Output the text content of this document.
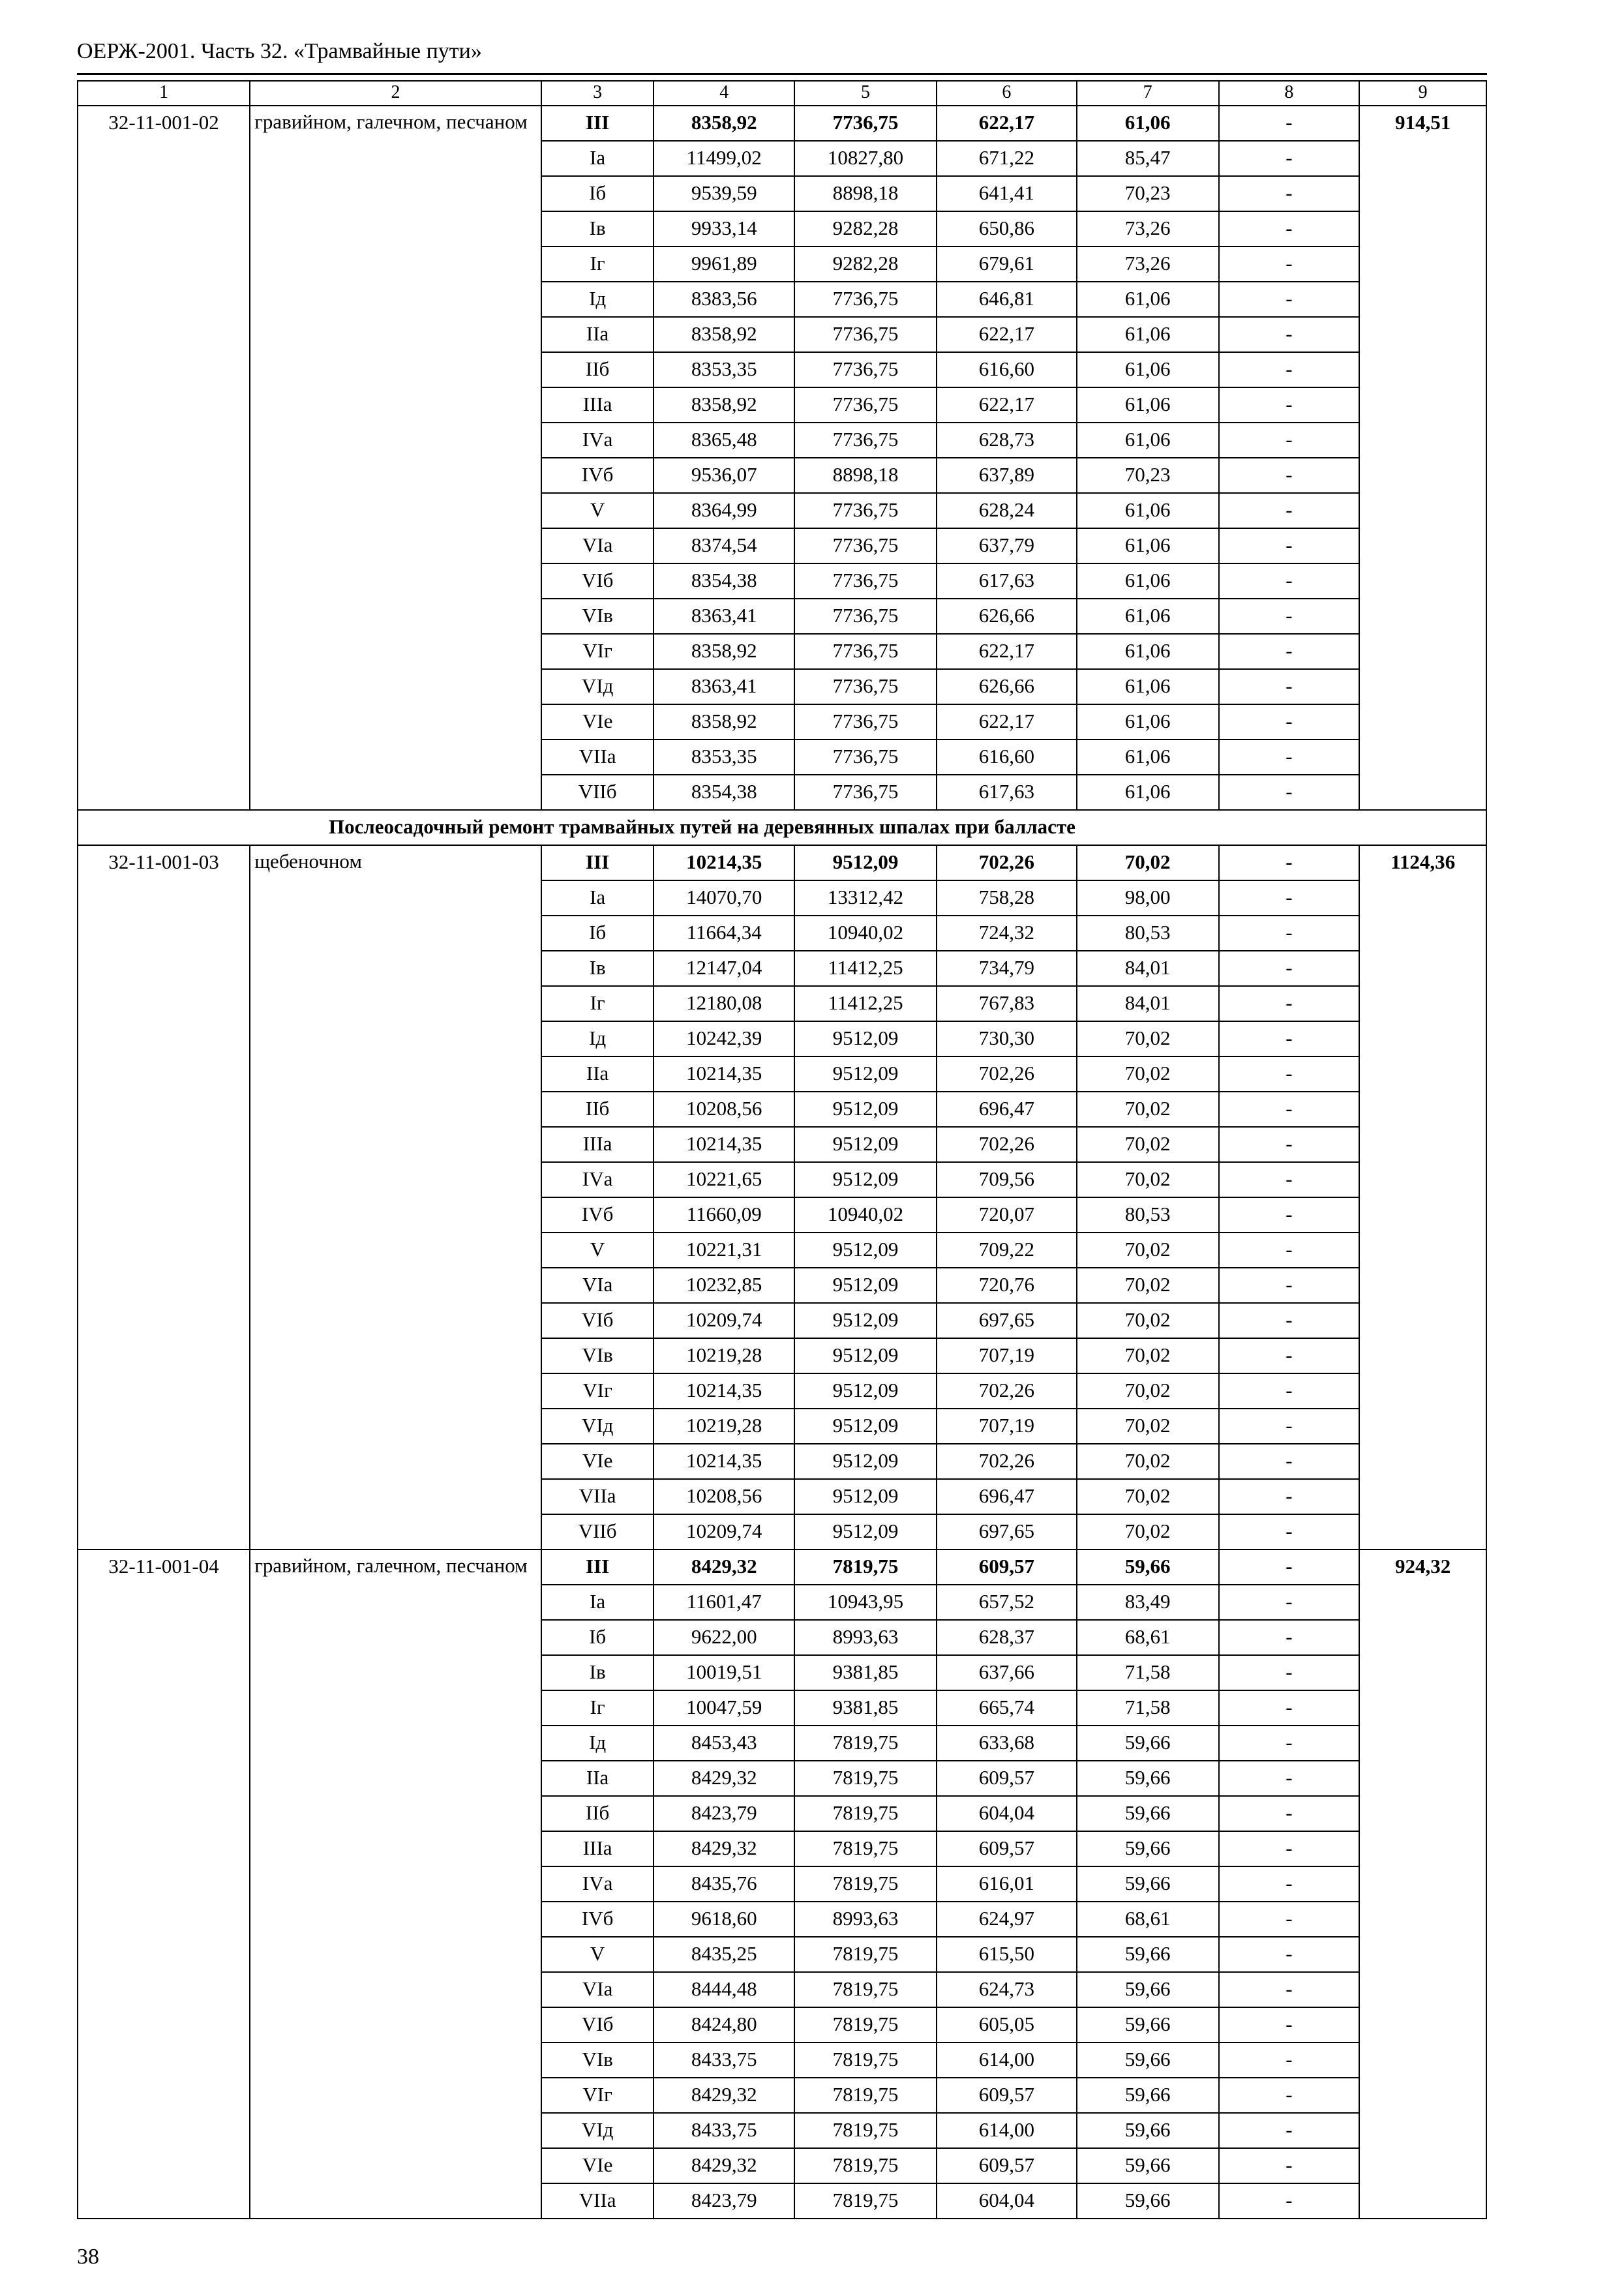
ОЕРЖ-2001. Часть 32. «Трамвайные пути»
1	2	3	4	5	6	7	8	9
32-11-001-02	гравийном, галечном, песчаном	III	8358,92	7736,75	622,17	61,06	-	914,51
		Iа	11499,02	10827,80	671,22	85,47	-	
		Iб	9539,59	8898,18	641,41	70,23	-	
		Iв	9933,14	9282,28	650,86	73,26	-	
		Iг	9961,89	9282,28	679,61	73,26	-	
		Iд	8383,56	7736,75	646,81	61,06	-	
		IIа	8358,92	7736,75	622,17	61,06	-	
		IIб	8353,35	7736,75	616,60	61,06	-	
		IIIа	8358,92	7736,75	622,17	61,06	-	
		IVа	8365,48	7736,75	628,73	61,06	-	
		IVб	9536,07	8898,18	637,89	70,23	-	
		V	8364,99	7736,75	628,24	61,06	-	
		VIа	8374,54	7736,75	637,79	61,06	-	
		VIб	8354,38	7736,75	617,63	61,06	-	
		VIв	8363,41	7736,75	626,66	61,06	-	
		VIг	8358,92	7736,75	622,17	61,06	-	
		VIд	8363,41	7736,75	626,66	61,06	-	
		VIе	8358,92	7736,75	622,17	61,06	-	
		VIIа	8353,35	7736,75	616,60	61,06	-	
		VIIб	8354,38	7736,75	617,63	61,06	-	
Послеосадочный ремонт трамвайных путей на деревянных шпалах при балласте								
32-11-001-03	щебеночном	III	10214,35	9512,09	702,26	70,02	-	1124,36
		Iа	14070,70	13312,42	758,28	98,00	-	
		Iб	11664,34	10940,02	724,32	80,53	-	
		Iв	12147,04	11412,25	734,79	84,01	-	
		Iг	12180,08	11412,25	767,83	84,01	-	
		Iд	10242,39	9512,09	730,30	70,02	-	
		IIа	10214,35	9512,09	702,26	70,02	-	
		IIб	10208,56	9512,09	696,47	70,02	-	
		IIIа	10214,35	9512,09	702,26	70,02	-	
		IVа	10221,65	9512,09	709,56	70,02	-	
		IVб	11660,09	10940,02	720,07	80,53	-	
		V	10221,31	9512,09	709,22	70,02	-	
		VIа	10232,85	9512,09	720,76	70,02	-	
		VIб	10209,74	9512,09	697,65	70,02	-	
		VIв	10219,28	9512,09	707,19	70,02	-	
		VIг	10214,35	9512,09	702,26	70,02	-	
		VIд	10219,28	9512,09	707,19	70,02	-	
		VIе	10214,35	9512,09	702,26	70,02	-	
		VIIа	10208,56	9512,09	696,47	70,02	-	
		VIIб	10209,74	9512,09	697,65	70,02	-	
32-11-001-04	гравийном, галечном, песчаном	III	8429,32	7819,75	609,57	59,66	-	924,32
		Iа	11601,47	10943,95	657,52	83,49	-	
		Iб	9622,00	8993,63	628,37	68,61	-	
		Iв	10019,51	9381,85	637,66	71,58	-	
		Iг	10047,59	9381,85	665,74	71,58	-	
		Iд	8453,43	7819,75	633,68	59,66	-	
		IIа	8429,32	7819,75	609,57	59,66	-	
		IIб	8423,79	7819,75	604,04	59,66	-	
		IIIа	8429,32	7819,75	609,57	59,66	-	
		IVа	8435,76	7819,75	616,01	59,66	-	
		IVб	9618,60	8993,63	624,97	68,61	-	
		V	8435,25	7819,75	615,50	59,66	-	
		VIа	8444,48	7819,75	624,73	59,66	-	
		VIб	8424,80	7819,75	605,05	59,66	-	
		VIв	8433,75	7819,75	614,00	59,66	-	
		VIг	8429,32	7819,75	609,57	59,66	-	
		VIд	8433,75	7819,75	614,00	59,66	-	
		VIе	8429,32	7819,75	609,57	59,66	-	
		VIIа	8423,79	7819,75	604,04	59,66	-	
38
